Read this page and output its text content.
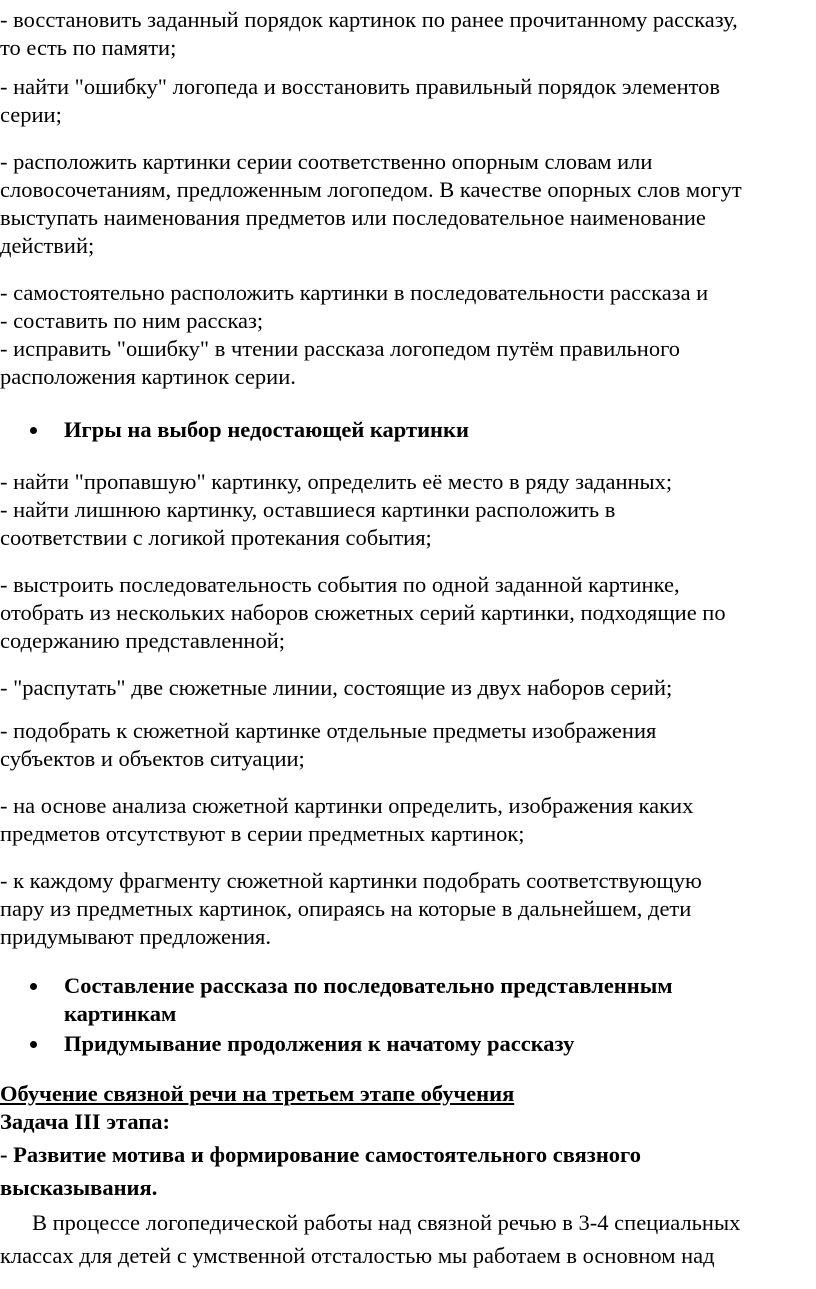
- восстановить заданный порядок картинок по ранее прочитанному рассказу,
то есть по памяти;
- найти "ошибку" логопеда и восстановить правильный порядок элементов
серии;
- расположить картинки серии соответственно опорным словам или
словосочетаниям, предложенным логопедом. В качестве опорных слов могут
выступать наименования предметов или последовательное наименование
действий;
- самостоятельно расположить картинки в последовательности рассказа и
- составить по ним рассказ;
- исправить "ошибку" в чтении рассказа логопедом путём правильного
расположения картинок серии.
Игры на выбор недостающей картинки
- найти "пропавшую" картинку, определить её место в ряду заданных;
- найти лишнюю картинку, оставшиеся картинки расположить в
соответствии с логикой протекания события;
- выстроить последовательность события по одной заданной картинке,
отобрать из нескольких наборов сюжетных серий картинки, подходящие по
содержанию представленной;
- "распутать" две сюжетные линии, состоящие из двух наборов серий;
- подобрать к сюжетной картинке отдельные предметы изображения
субъектов и объектов ситуации;
- на основе анализа сюжетной картинки определить, изображения каких
предметов отсутствуют в серии предметных картинок;
- к каждому фрагменту сюжетной картинки подобрать соответствующую
пару из предметных картинок, опираясь на которые в дальнейшем, дети
придумывают предложения.
Составление рассказа по последовательно представленным
картинкам
Придумывание продолжения к начатому рассказу
Обучение связной речи на третьем этапе обучения
Задача III этапа:
- Развитие мотива и формирование самостоятельного связного
высказывания.
В процессе логопедической работы над связной речью в 3-4 специальных
классах для детей с умственной отсталостью мы работаем в основном над
